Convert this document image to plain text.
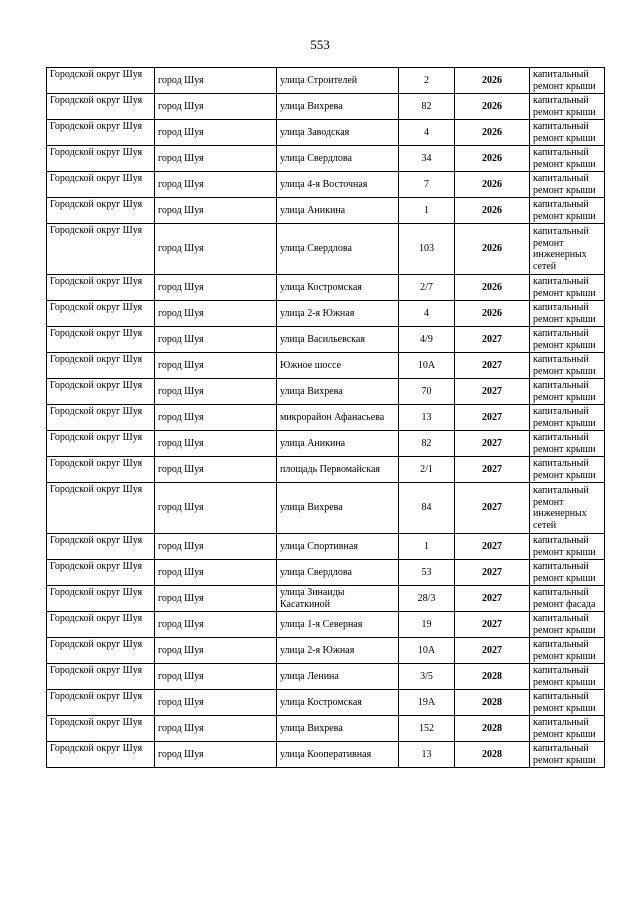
553
Городской округ Шуя	город Шуя	улица Строителей	2	2026	капитальный ремонт крыши
Городской округ Шуя	город Шуя	улица Вихрева	82	2026	капитальный ремонт крыши
Городской округ Шуя	город Шуя	улица Заводская	4	2026	капитальный ремонт крыши
Городской округ Шуя	город Шуя	улица Свердлова	34	2026	капитальный ремонт крыши
Городской округ Шуя	город Шуя	улица 4-я Восточная	7	2026	капитальный ремонт крыши
Городской округ Шуя	город Шуя	улица Аникина	1	2026	капитальный ремонт крыши
Городской округ Шуя	город Шуя	улица Свердлова	103	2026	капитальный ремонт инженерных сетей
Городской округ Шуя	город Шуя	улица Костромская	2/7	2026	капитальный ремонт крыши
Городской округ Шуя	город Шуя	улица 2-я Южная	4	2026	капитальный ремонт крыши
Городской округ Шуя	город Шуя	улица Васильевская	4/9	2027	капитальный ремонт крыши
Городской округ Шуя	город Шуя	Южное шоссе	10А	2027	капитальный ремонт крыши
Городской округ Шуя	город Шуя	улица Вихрева	70	2027	капитальный ремонт крыши
Городской округ Шуя	город Шуя	микрорайон Афанасьева	13	2027	капитальный ремонт крыши
Городской округ Шуя	город Шуя	улица Аникина	82	2027	капитальный ремонт крыши
Городской округ Шуя	город Шуя	площадь Первомайская	2/1	2027	капитальный ремонт крыши
Городской округ Шуя	город Шуя	улица Вихрева	84	2027	капитальный ремонт инженерных сетей
Городской округ Шуя	город Шуя	улица Спортивная	1	2027	капитальный ремонт крыши
Городской округ Шуя	город Шуя	улица Свердлова	53	2027	капитальный ремонт крыши
Городской округ Шуя	город Шуя	улица Зинаиды Касаткиной	28/3	2027	капитальный ремонт фасада
Городской округ Шуя	город Шуя	улица 1-я Северная	19	2027	капитальный ремонт крыши
Городской округ Шуя	город Шуя	улица 2-я Южная	10А	2027	капитальный ремонт крыши
Городской округ Шуя	город Шуя	улица Ленина	3/5	2028	капитальный ремонт крыши
Городской округ Шуя	город Шуя	улица Костромская	19А	2028	капитальный ремонт крыши
Городской округ Шуя	город Шуя	улица Вихрева	152	2028	капитальный ремонт крыши
Городской округ Шуя	город Шуя	улица Кооперативная	13	2028	капитальный ремонт крыши
